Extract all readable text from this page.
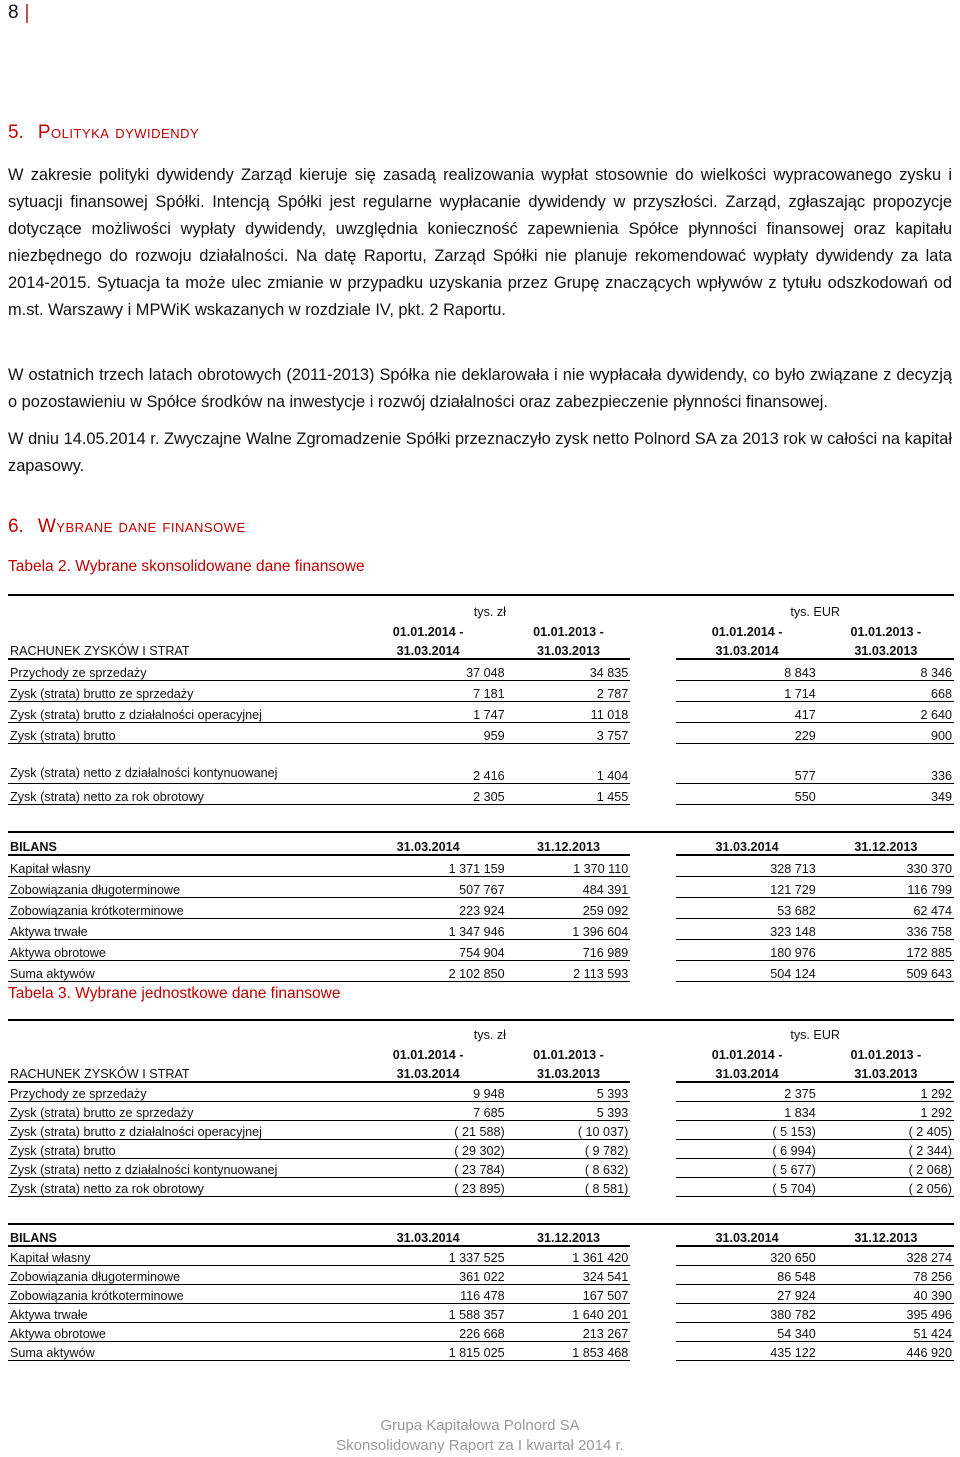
8
5. Polityka dywidendy
W zakresie polityki dywidendy Zarząd kieruje się zasadą realizowania wypłat stosownie do wielkości wypracowanego zysku i sytuacji finansowej Spółki. Intencją Spółki jest regularne wypłacanie dywidendy w przyszłości. Zarząd, zgłaszając propozycje dotyczące możliwości wypłaty dywidendy, uwzględnia konieczność zapewnienia Spółce płynności finansowej oraz kapitału niezbędnego do rozwoju działalności. Na datę Raportu, Zarząd Spółki nie planuje rekomendować wypłaty dywidendy za lata 2014-2015. Sytuacja ta może ulec zmianie w przypadku uzyskania przez Grupę znaczących wpływów z tytułu odszkodowań od m.st. Warszawy i MPWiK wskazanych w rozdziale IV, pkt. 2 Raportu.
W ostatnich trzech latach obrotowych (2011-2013) Spółka nie deklarowała i nie wypłacała dywidendy, co było związane z decyzją o pozostawieniu w Spółce środków na inwestycje i rozwój działalności oraz zabezpieczenie płynności finansowej.
W dniu 14.05.2014 r. Zwyczajne Walne Zgromadzenie Spółki przeznaczyło zysk netto Polnord SA za 2013 rok w całości na kapitał zapasowy.
6. Wybrane dane finansowe
Tabela 2. Wybrane skonsolidowane dane finansowe
	tys. zł			tys. EUR	
	01.01.2014 -	01.01.2013 -		01.01.2014 -	01.01.2013 -
RACHUNEK ZYSKÓW I STRAT	31.03.2014	31.03.2013		31.03.2014	31.03.2013
Przychody ze sprzedaży	37 048	34 835		8 843	8 346
Zysk (strata) brutto ze sprzedaży	7 181	2 787		1 714	668
Zysk (strata) brutto z działalności operacyjnej	1 747	11 018		417	2 640
Zysk (strata) brutto	959	3 757		229	900
Zysk (strata) netto z działalności kontynuowanej	2 416	1 404		577	336
Zysk (strata) netto za rok obrotowy	2 305	1 455		550	349

BILANS	31.03.2014	31.12.2013		31.03.2014	31.12.2013
Kapitał własny	1 371 159	1 370 110		328 713	330 370
Zobowiązania długoterminowe	507 767	484 391		121 729	116 799
Zobowiązania krótkoterminowe	223 924	259 092		53 682	62 474
Aktywa trwałe	1 347 946	1 396 604		323 148	336 758
Aktywa obrotowe	754 904	716 989		180 976	172 885
Suma aktywów	2 102 850	2 113 593		504 124	509 643
Tabela 3. Wybrane jednostkowe dane finansowe
	tys. zł			tys. EUR	
	01.01.2014 -	01.01.2013 -		01.01.2014 -	01.01.2013 -
RACHUNEK ZYSKÓW I STRAT	31.03.2014	31.03.2013		31.03.2014	31.03.2013
Przychody ze sprzedaży	9 948	5 393		2 375	1 292
Zysk (strata) brutto ze sprzedaży	7 685	5 393		1 834	1 292
Zysk (strata) brutto z działalności operacyjnej	( 21 588)	( 10 037)		( 5 153)	( 2 405)
Zysk (strata) brutto	( 29 302)	( 9 782)		( 6 994)	( 2 344)
Zysk (strata) netto z działalności kontynuowanej	( 23 784)	( 8 632)		( 5 677)	( 2 068)
Zysk (strata) netto za rok obrotowy	( 23 895)	( 8 581)		( 5 704)	( 2 056)

BILANS	31.03.2014	31.12.2013		31.03.2014	31.12.2013
Kapitał własny	1 337 525	1 361 420		320 650	328 274
Zobowiązania długoterminowe	361 022	324 541		86 548	78 256
Zobowiązania krótkoterminowe	116 478	167 507		27 924	40 390
Aktywa trwałe	1 588 357	1 640 201		380 782	395 496
Aktywa obrotowe	226 668	213 267		54 340	51 424
Suma aktywów	1 815 025	1 853 468		435 122	446 920
Grupa Kapitałowa Polnord SA
Skonsolidowany Raport za I kwartał 2014 r.
